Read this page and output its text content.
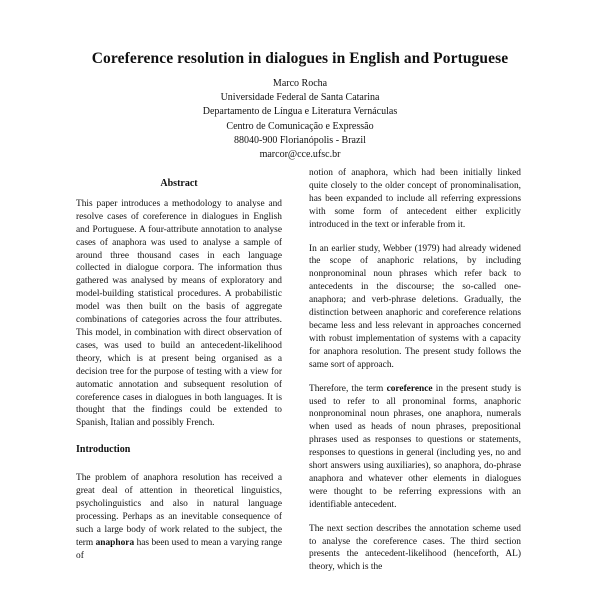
Coreference resolution in dialogues in English and Portuguese
Marco Rocha
Universidade Federal de Santa Catarina
Departamento de Língua e Literatura Vernáculas
Centro de Comunicação e Expressão
88040-900 Florianópolis - Brazil
marcor@cce.ufsc.br
Abstract

This paper introduces a methodology to analyse and resolve cases of coreference in dialogues in English and Portuguese. A four-attribute annotation to analyse cases of anaphora was used to analyse a sample of around three thousand cases in each language collected in dialogue corpora. The information thus gathered was analysed by means of exploratory and model-building statistical procedures. A probabilistic model was then built on the basis of aggregate combinations of categories across the four attributes. This model, in combination with direct observation of cases, was used to build an antecedent-likelihood theory, which is at present being organised as a decision tree for the purpose of testing with a view for automatic annotation and subsequent resolution of coreference cases in dialogues in both languages. It is thought that the findings could be extended to Spanish, Italian and possibly French.

Introduction

The problem of anaphora resolution has received a great deal of attention in theoretical linguistics, psycholinguistics and also in natural language processing. Perhaps as an inevitable consequence of such a large body of work related to the subject, the term anaphora has been used to mean a varying range of

notion of anaphora, which had been initially linked quite closely to the older concept of pronominalisation, has been expanded to include all referring expressions with some form of antecedent either explicitly introduced in the text or inferable from it.

In an earlier study, Webber (1979) had already widened the scope of anaphoric relations, by including nonpronominal noun phrases which refer back to antecedents in the discourse; the so-called one-anaphora; and verb-phrase deletions. Gradually, the distinction between anaphoric and coreference relations became less and less relevant in approaches concerned with robust implementation of systems with a capacity for anaphora resolution. The present study follows the same sort of approach.

Therefore, the term coreference in the present study is used to refer to all pronominal forms, anaphoric nonpronominal noun phrases, one anaphora, numerals when used as heads of noun phrases, prepositional phrases used as responses to questions or statements, responses to questions in general (including yes, no and short answers using auxiliaries), so anaphora, do-phrase anaphora and whatever other elements in dialogues were thought to be referring expressions with an identifiable antecedent.

The next section describes the annotation scheme used to analyse the coreference cases. The third section presents the antecedent-likelihood (henceforth, AL) theory, which is the
